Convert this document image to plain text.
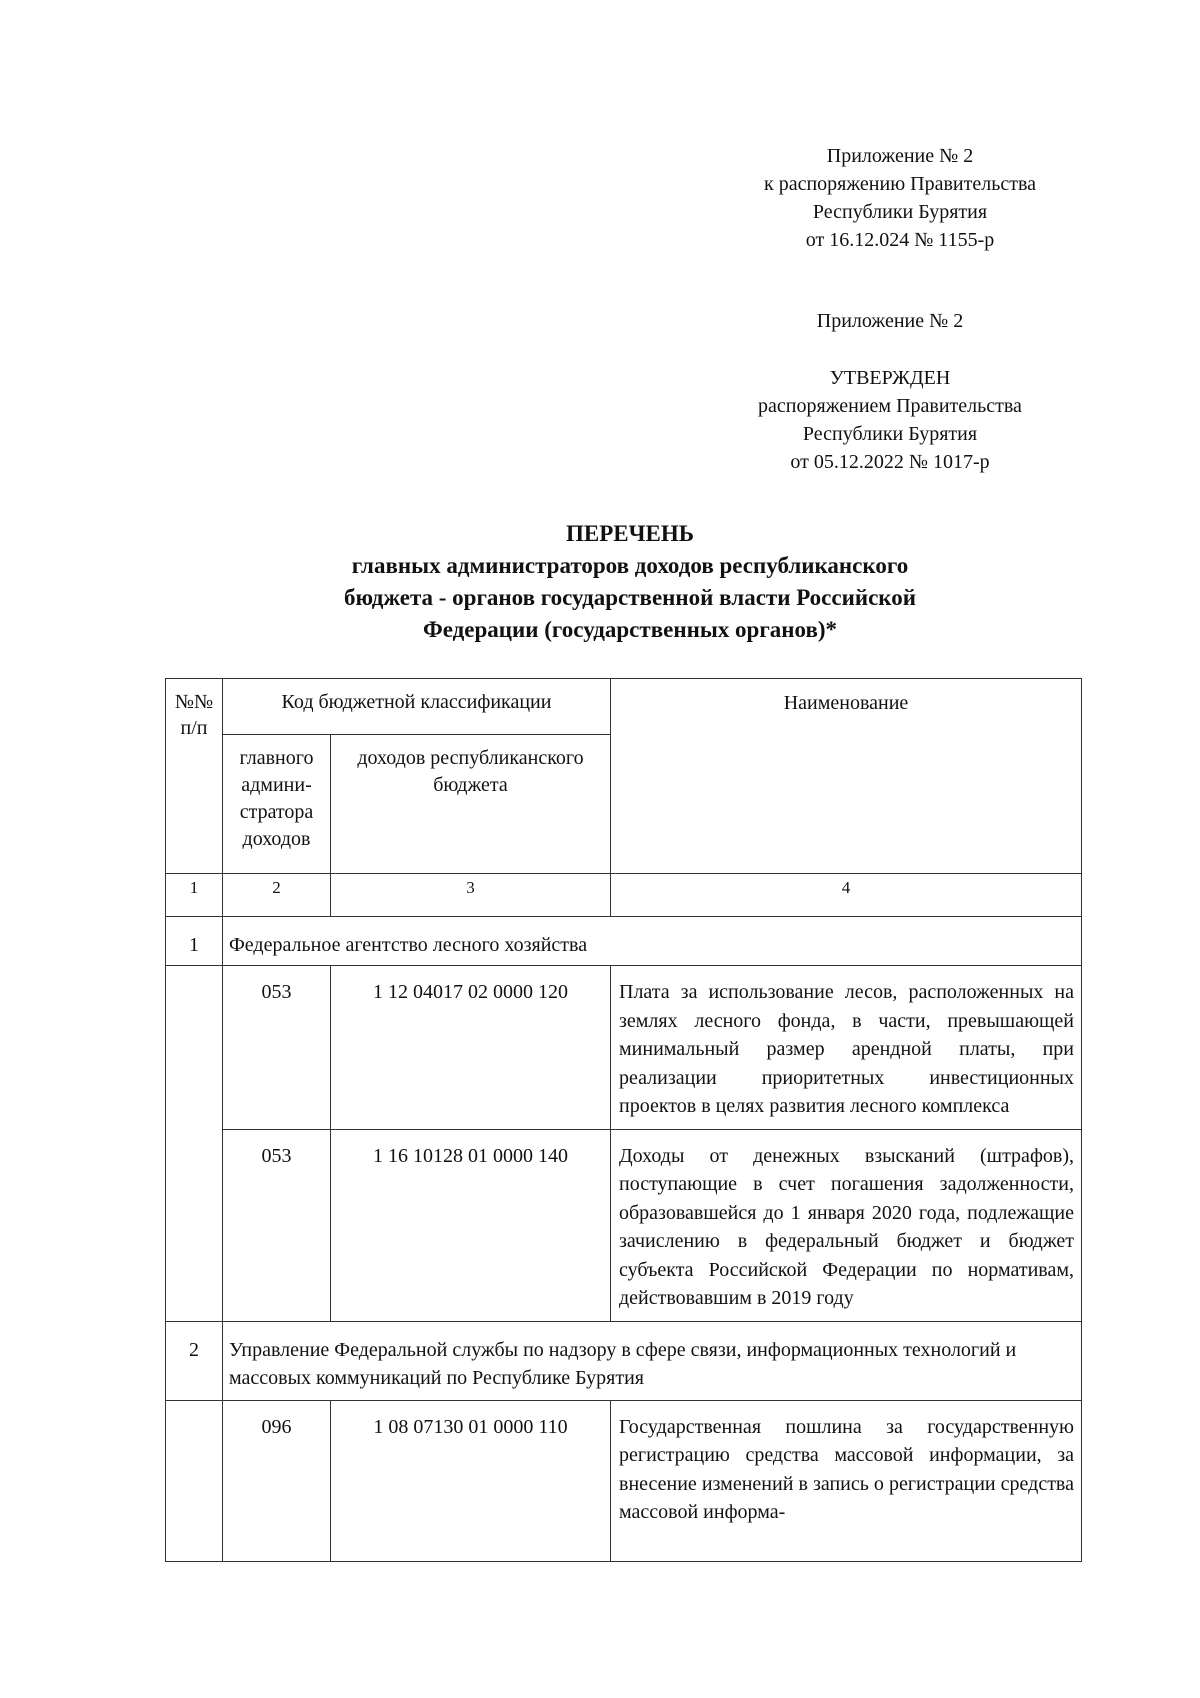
Приложение № 2
к распоряжению Правительства
Республики Бурятия
от 16.12.024 № 1155-р
Приложение № 2
УТВЕРЖДЕН
распоряжением Правительства
Республики Бурятия
от 05.12.2022 № 1017-р
ПЕРЕЧЕНЬ
главных администраторов доходов республиканского
бюджета - органов государственной власти Российской
Федерации (государственных органов)*
№№ п/п	Код бюджетной классификации		Наименование
	главного админи-стратора доходов	доходов республиканского бюджета	
1	2	3	4
1	Федеральное агентство лесного хозяйства		
	053	1 12 04017 02 0000 120	Плата за использование лесов, расположенных на землях лесного фонда, в части, превышающей минимальный размер арендной платы, при реализации приоритетных инвестиционных проектов в целях развития лесного комплекса
	053	1 16 10128 01 0000 140	Доходы от денежных взысканий (штрафов), поступающие в счет погашения задолженности, образовавшейся до 1 января 2020 года, подлежащие зачислению в федеральный бюджет и бюджет субъекта Российской Федерации по нормативам, действовавшим в 2019 году
2	Управление Федеральной службы по надзору в сфере связи, информационных технологий и массовых коммуникаций по Республике Бурятия		
	096	1 08 07130 01 0000 110	Государственная пошлина за государственную регистрацию средства массовой информации, за внесение изменений в запись о регистрации средства массовой информа-
